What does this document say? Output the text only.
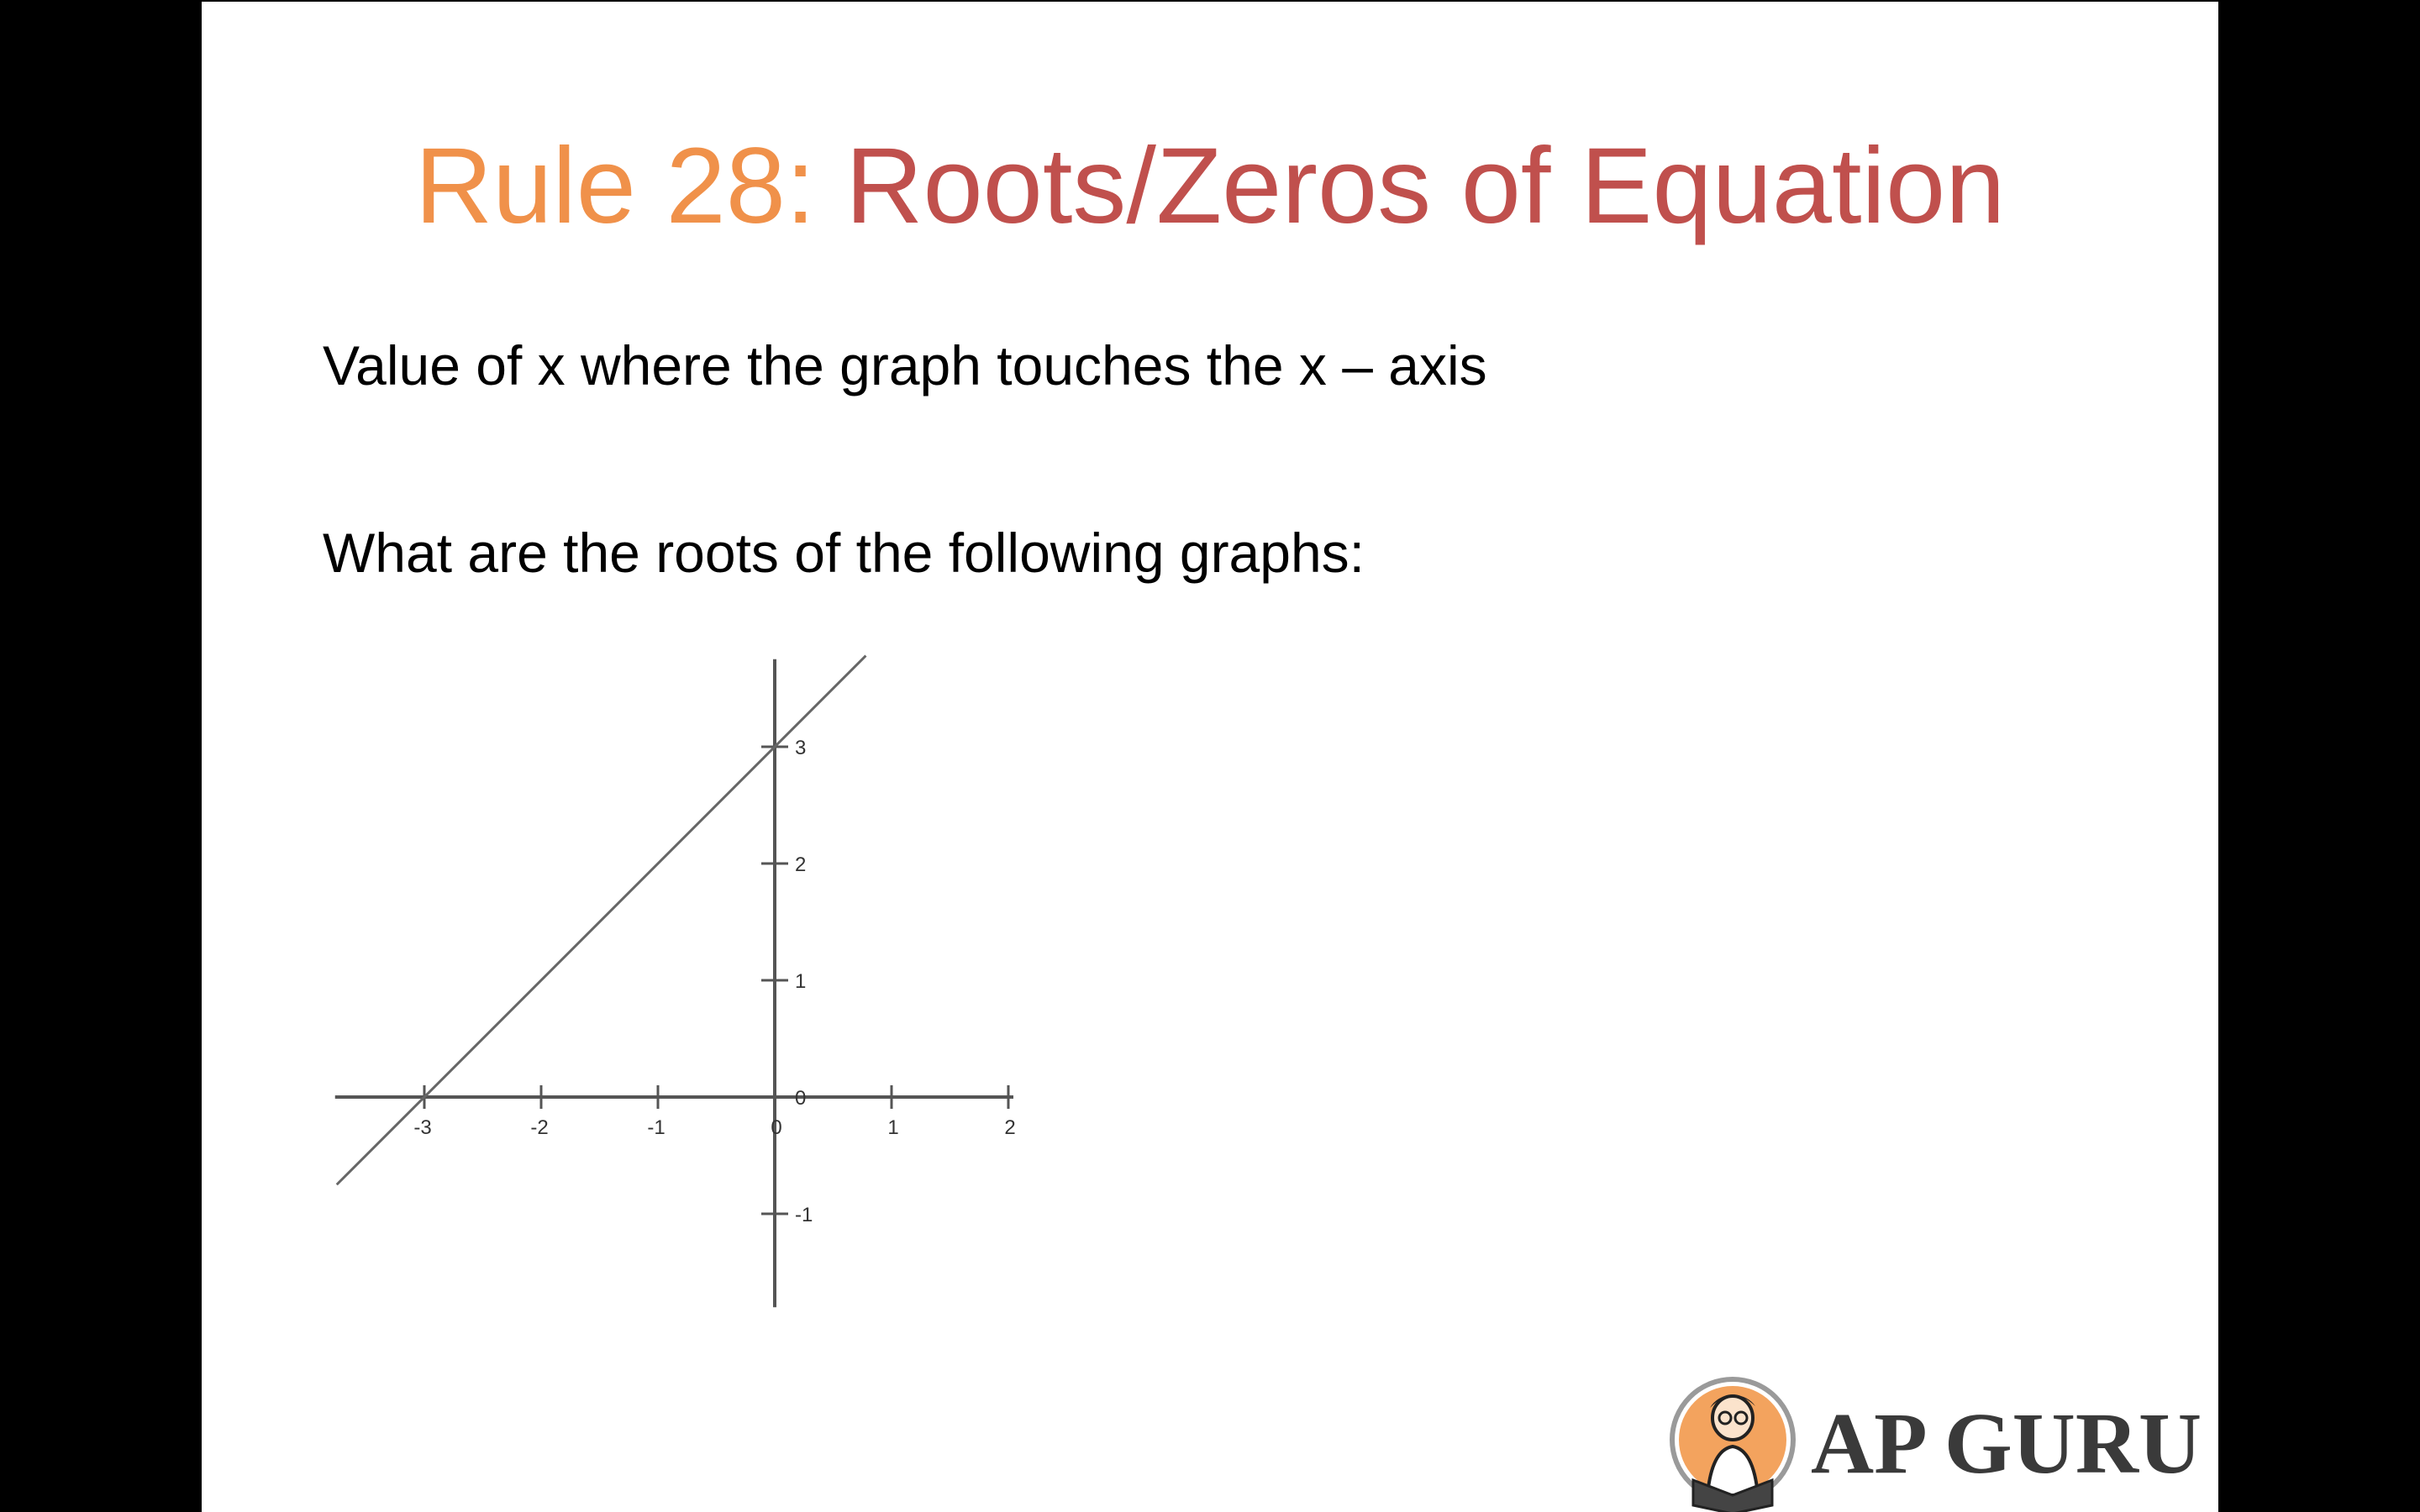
Rule 28: Roots/Zeros of Equation
Value of x where the graph touches the x – axis
What are the roots of the following graphs:
-3	-2	-1	0	1	2
-1
0
1
2
3
AP GURU
